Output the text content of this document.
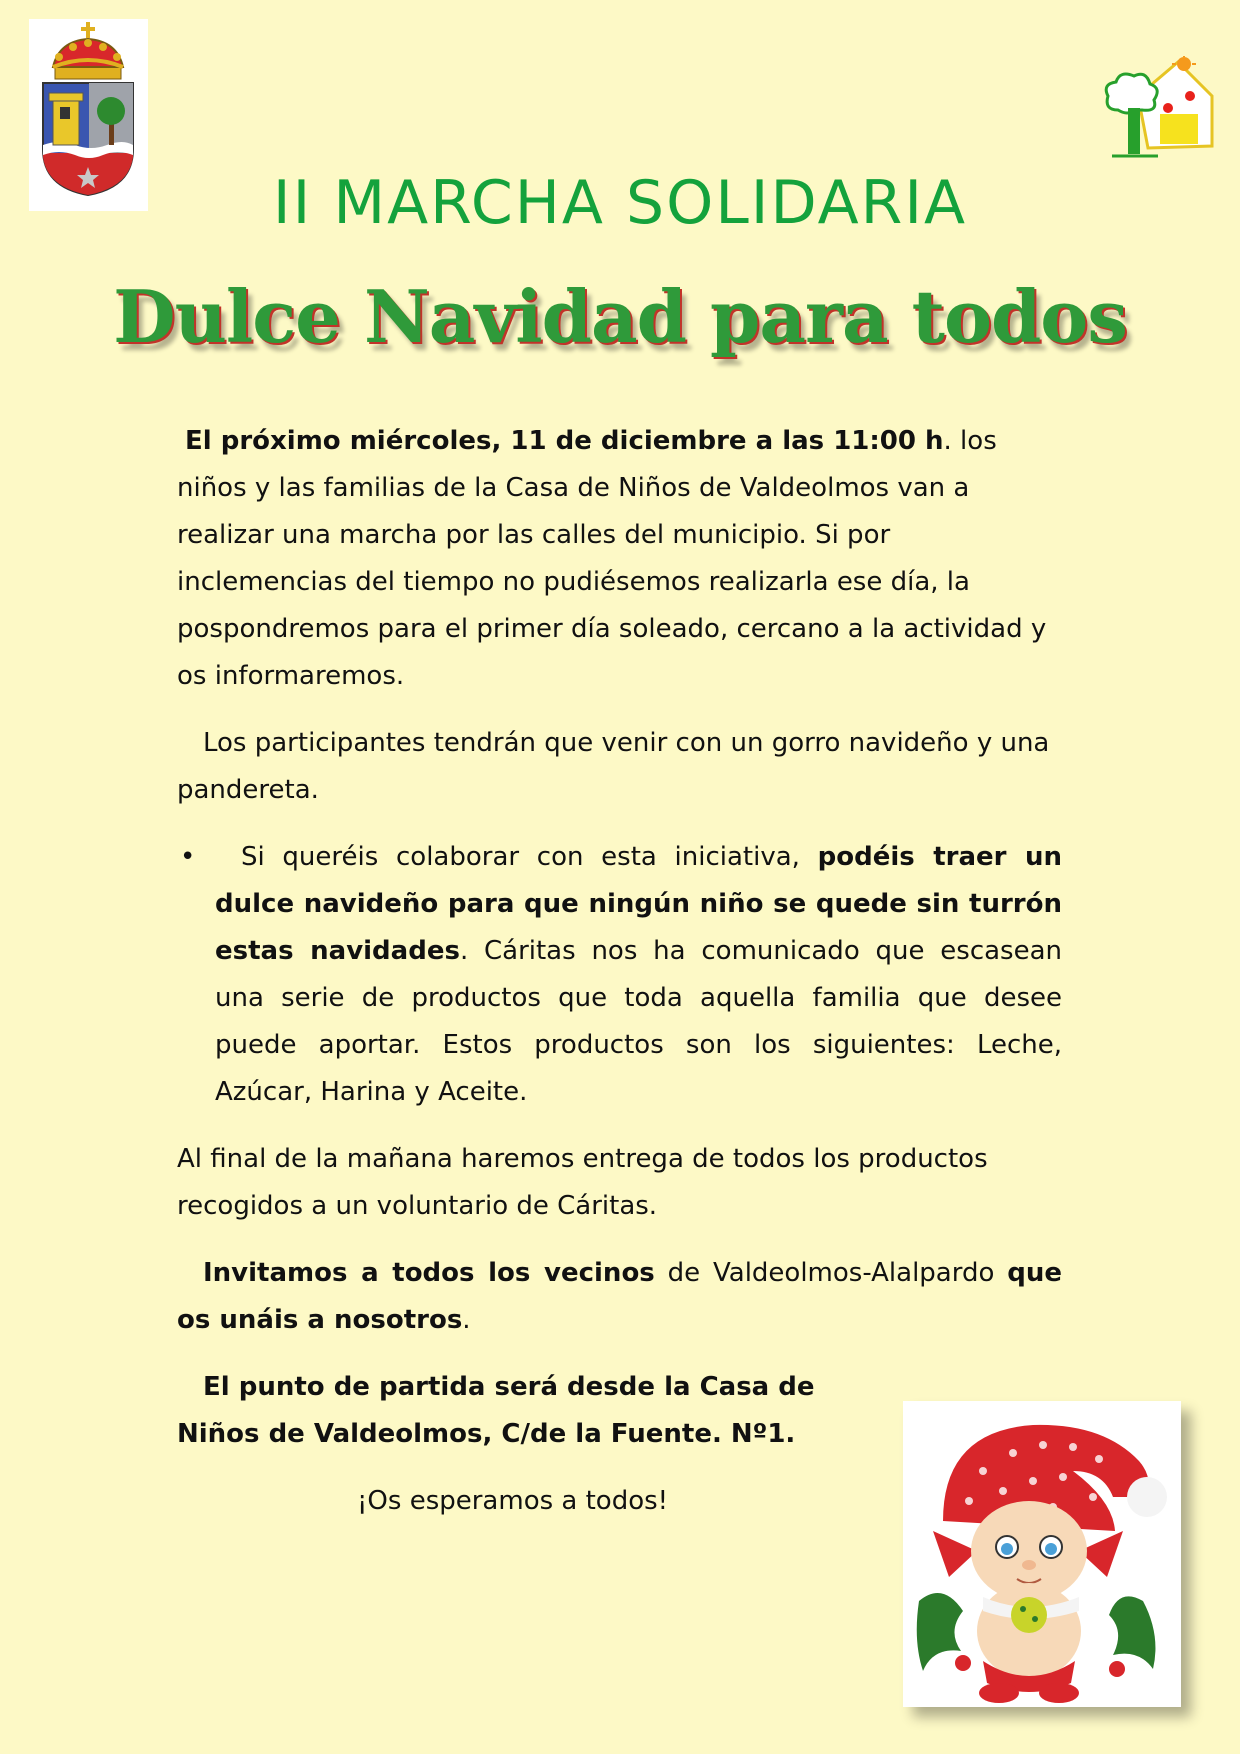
II MARCHA SOLIDARIA
Dulce Navidad para todos

El próximo miércoles, 11 de diciembre a las 11:00 h. los niños y las familias de la Casa de Niños de Valdeolmos van a realizar una marcha por las calles del municipio. Si por inclemencias del tiempo no pudiésemos realizarla ese día, la pospondremos para el primer día soleado, cercano a la actividad y os informaremos.

Los participantes tendrán que venir con un gorro navideño y una pandereta.

•	Si queréis colaborar con esta iniciativa, podéis traer un dulce navideño para que ningún niño se quede sin turrón estas navidades. Cáritas nos ha comunicado que escasean una serie de productos que toda aquella familia que desee puede aportar. Estos productos son los siguientes: Leche, Azúcar, Harina y Aceite.

Al final de la mañana haremos entrega de todos los productos recogidos a un voluntario de Cáritas.

Invitamos a todos los vecinos de Valdeolmos-Alalpardo que os unáis a nosotros.

El punto de partida será desde la Casa de Niños de Valdeolmos, C/de la Fuente. Nº1.

¡Os esperamos a todos!
